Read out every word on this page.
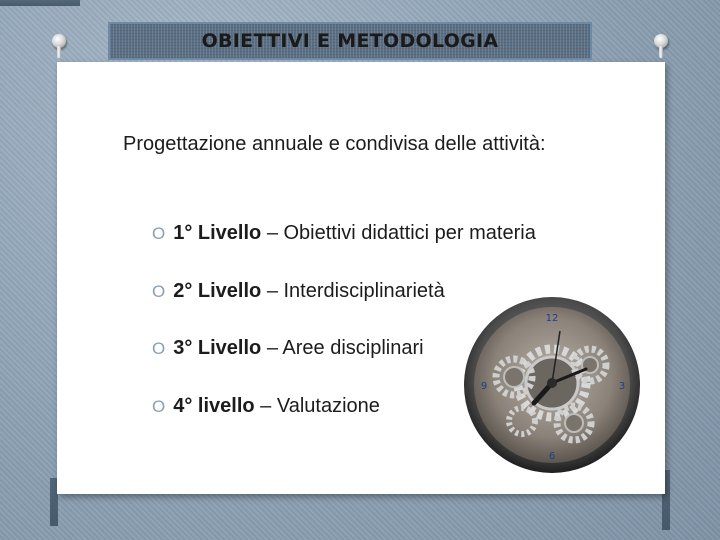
OBIETTIVI E METODOLOGIA
Progettazione annuale e condivisa delle attività:
12
3
6
9
O 1° Livello – Obiettivi didattici per materia
O 2° Livello – Interdisciplinarietà
O 3° Livello – Aree disciplinari
O 4° livello – Valutazione
